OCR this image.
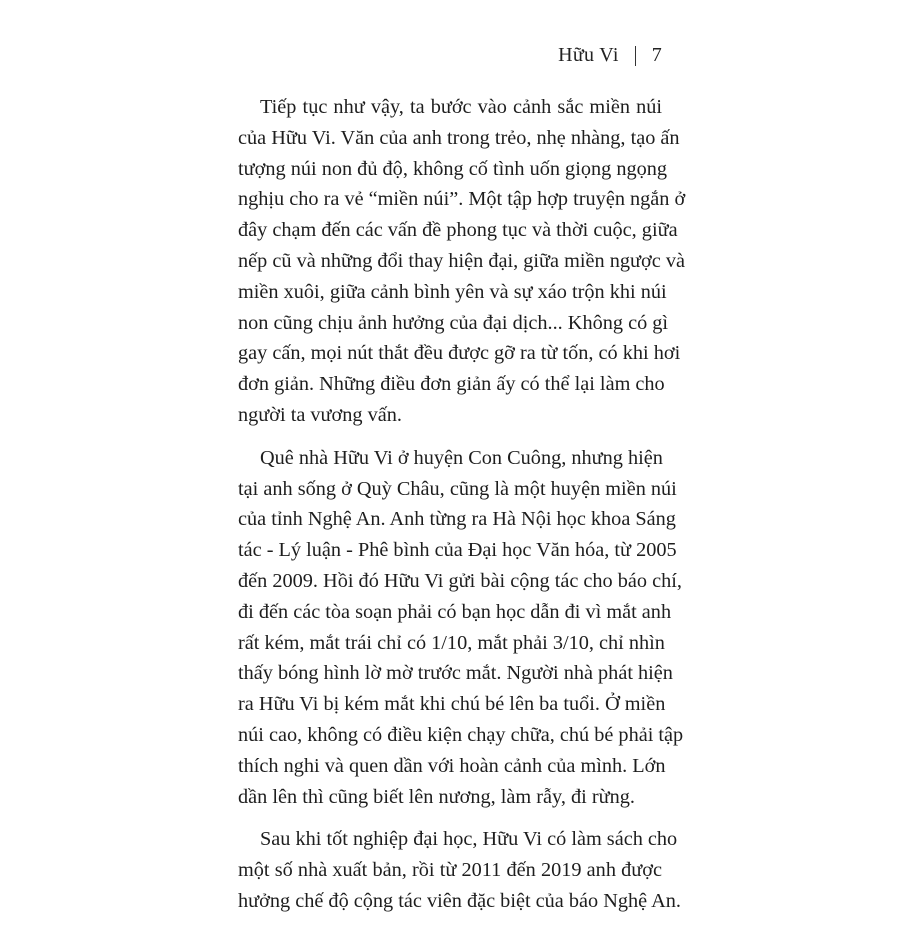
Hữu Vi 7
Tiếp tục như vậy, ta bước vào cảnh sắc miền núi
của Hữu Vi. Văn của anh trong trẻo, nhẹ nhàng, tạo ấn
tượng núi non đủ độ, không cố tình uốn giọng ngọng
nghịu cho ra vẻ “miền núi”. Một tập hợp truyện ngắn ở
đây chạm đến các vấn đề phong tục và thời cuộc, giữa
nếp cũ và những đổi thay hiện đại, giữa miền ngược và
miền xuôi, giữa cảnh bình yên và sự xáo trộn khi núi
non cũng chịu ảnh hưởng của đại dịch... Không có gì
gay cấn, mọi nút thắt đều được gỡ ra từ tốn, có khi hơi
đơn giản. Những điều đơn giản ấy có thể lại làm cho
người ta vương vấn.
Quê nhà Hữu Vi ở huyện Con Cuông, nhưng hiện
tại anh sống ở Quỳ Châu, cũng là một huyện miền núi
của tỉnh Nghệ An. Anh từng ra Hà Nội học khoa Sáng
tác - Lý luận - Phê bình của Đại học Văn hóa, từ 2005
đến 2009. Hồi đó Hữu Vi gửi bài cộng tác cho báo chí,
đi đến các tòa soạn phải có bạn học dẫn đi vì mắt anh
rất kém, mắt trái chỉ có 1/10, mắt phải 3/10, chỉ nhìn
thấy bóng hình lờ mờ trước mắt. Người nhà phát hiện
ra Hữu Vi bị kém mắt khi chú bé lên ba tuổi. Ở miền
núi cao, không có điều kiện chạy chữa, chú bé phải tập
thích nghi và quen dần với hoàn cảnh của mình. Lớn
dần lên thì cũng biết lên nương, làm rẫy, đi rừng.
Sau khi tốt nghiệp đại học, Hữu Vi có làm sách cho
một số nhà xuất bản, rồi từ 2011 đến 2019 anh được
hưởng chế độ cộng tác viên đặc biệt của báo Nghệ An.
